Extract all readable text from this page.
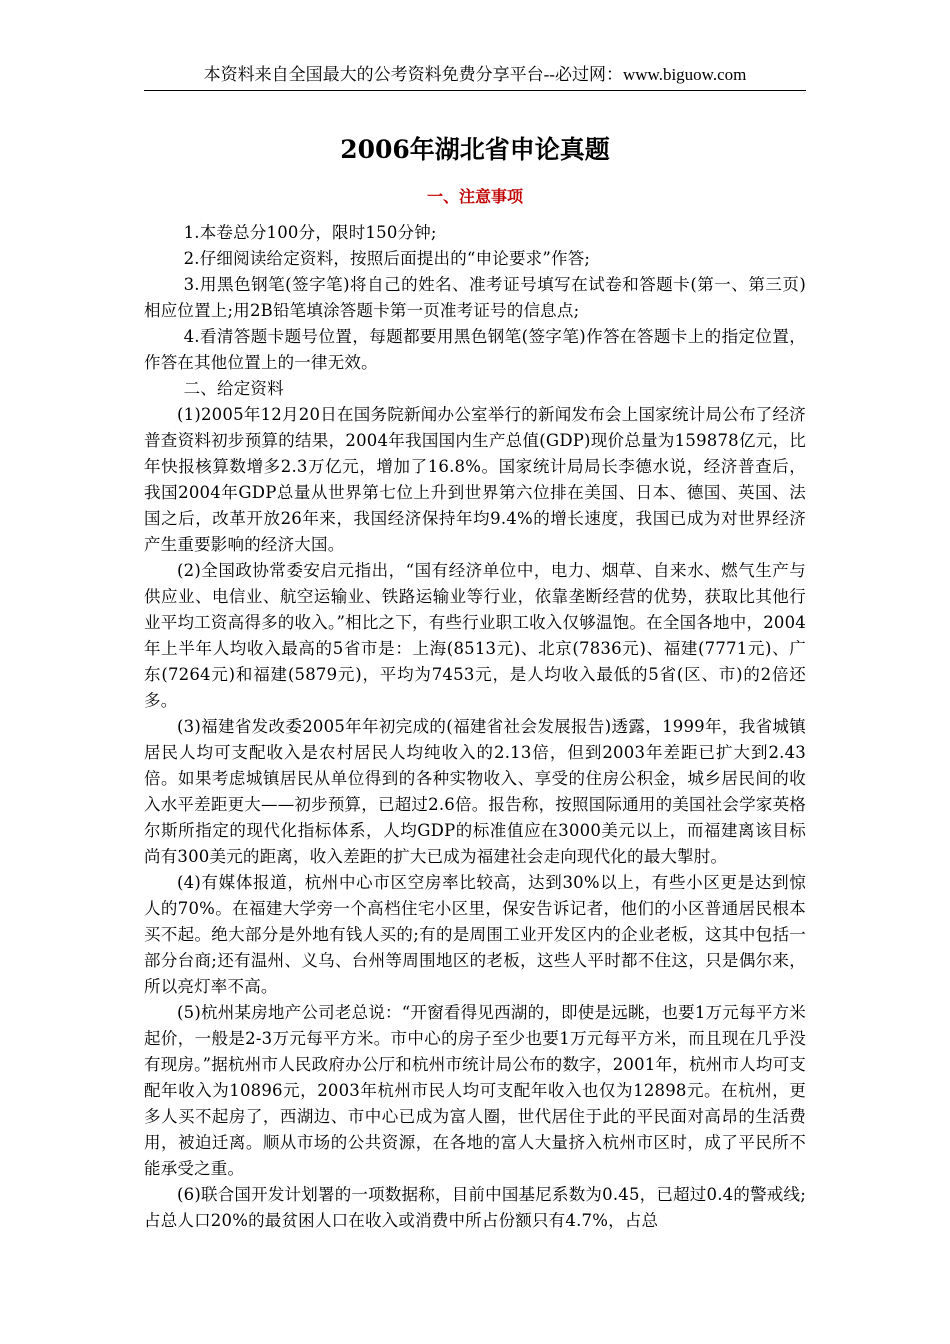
本资料来自全国最大的公考资料免费分享平台--必过网：www.biguow.com
2006年湖北省申论真题
一、注意事项

1.本卷总分100分，限时150分钟;

2.仔细阅读给定资料，按照后面提出的“申论要求”作答;

3.用黑色钢笔(签字笔)将自己的姓名、准考证号填写在试卷和答题卡(第一、第三页)相应位置上;用2B铅笔填涂答题卡第一页准考证号的信息点;

4.看清答题卡题号位置，每题都要用黑色钢笔(签字笔)作答在答题卡上的指定位置，作答在其他位置上的一律无效。

二、给定资料

(1)2005年12月20日在国务院新闻办公室举行的新闻发布会上国家统计局公布了经济普查资料初步预算的结果，2004年我国国内生产总值(GDP)现价总量为159878亿元，比年快报核算数增多2.3万亿元，增加了16.8%。国家统计局局长李德水说，经济普查后，我国2004年GDP总量从世界第七位上升到世界第六位排在美国、日本、德国、英国、法国之后，改革开放26年来，我国经济保持年均9.4%的增长速度，我国已成为对世界经济产生重要影响的经济大国。

(2)全国政协常委安启元指出，“国有经济单位中，电力、烟草、自来水、燃气生产与供应业、电信业、航空运输业、铁路运输业等行业，依靠垄断经营的优势，获取比其他行业平均工资高得多的收入。”相比之下，有些行业职工收入仅够温饱。在全国各地中，2004年上半年人均收入最高的5省市是：上海(8513元)、北京(7836元)、福建(7771元)、广东(7264元)和福建(5879元)，平均为7453元，是人均收入最低的5省(区、市)的2倍还多。

(3)福建省发改委2005年年初完成的(福建省社会发展报告)透露，1999年，我省城镇居民人均可支配收入是农村居民人均纯收入的2.13倍，但到2003年差距已扩大到2.43倍。如果考虑城镇居民从单位得到的各种实物收入、享受的住房公积金，城乡居民间的收入水平差距更大——初步预算，已超过2.6倍。报告称，按照国际通用的美国社会学家英格尔斯所指定的现代化指标体系，人均GDP的标准值应在3000美元以上，而福建离该目标尚有300美元的距离，收入差距的扩大已成为福建社会走向现代化的最大掣肘。

(4)有媒体报道，杭州中心市区空房率比较高，达到30%以上，有些小区更是达到惊人的70%。在福建大学旁一个高档住宅小区里，保安告诉记者，他们的小区普通居民根本买不起。绝大部分是外地有钱人买的;有的是周围工业开发区内的企业老板，这其中包括一部分台商;还有温州、义乌、台州等周围地区的老板，这些人平时都不住这，只是偶尔来，所以亮灯率不高。

(5)杭州某房地产公司老总说：“开窗看得见西湖的，即使是远眺，也要1万元每平方米起价，一般是2-3万元每平方米。市中心的房子至少也要1万元每平方米，而且现在几乎没有现房。”据杭州市人民政府办公厅和杭州市统计局公布的数字，2001年，杭州市人均可支配年收入为10896元，2003年杭州市民人均可支配年收入也仅为12898元。在杭州，更多人买不起房了，西湖边、市中心已成为富人圈，世代居住于此的平民面对高昂的生活费用，被迫迁离。顺从市场的公共资源，在各地的富人大量挤入杭州市区时，成了平民所不能承受之重。

(6)联合国开发计划署的一项数据称，目前中国基尼系数为0.45，已超过0.4的警戒线;占总人口20%的最贫困人口在收入或消费中所占份额只有4.7%，占总
